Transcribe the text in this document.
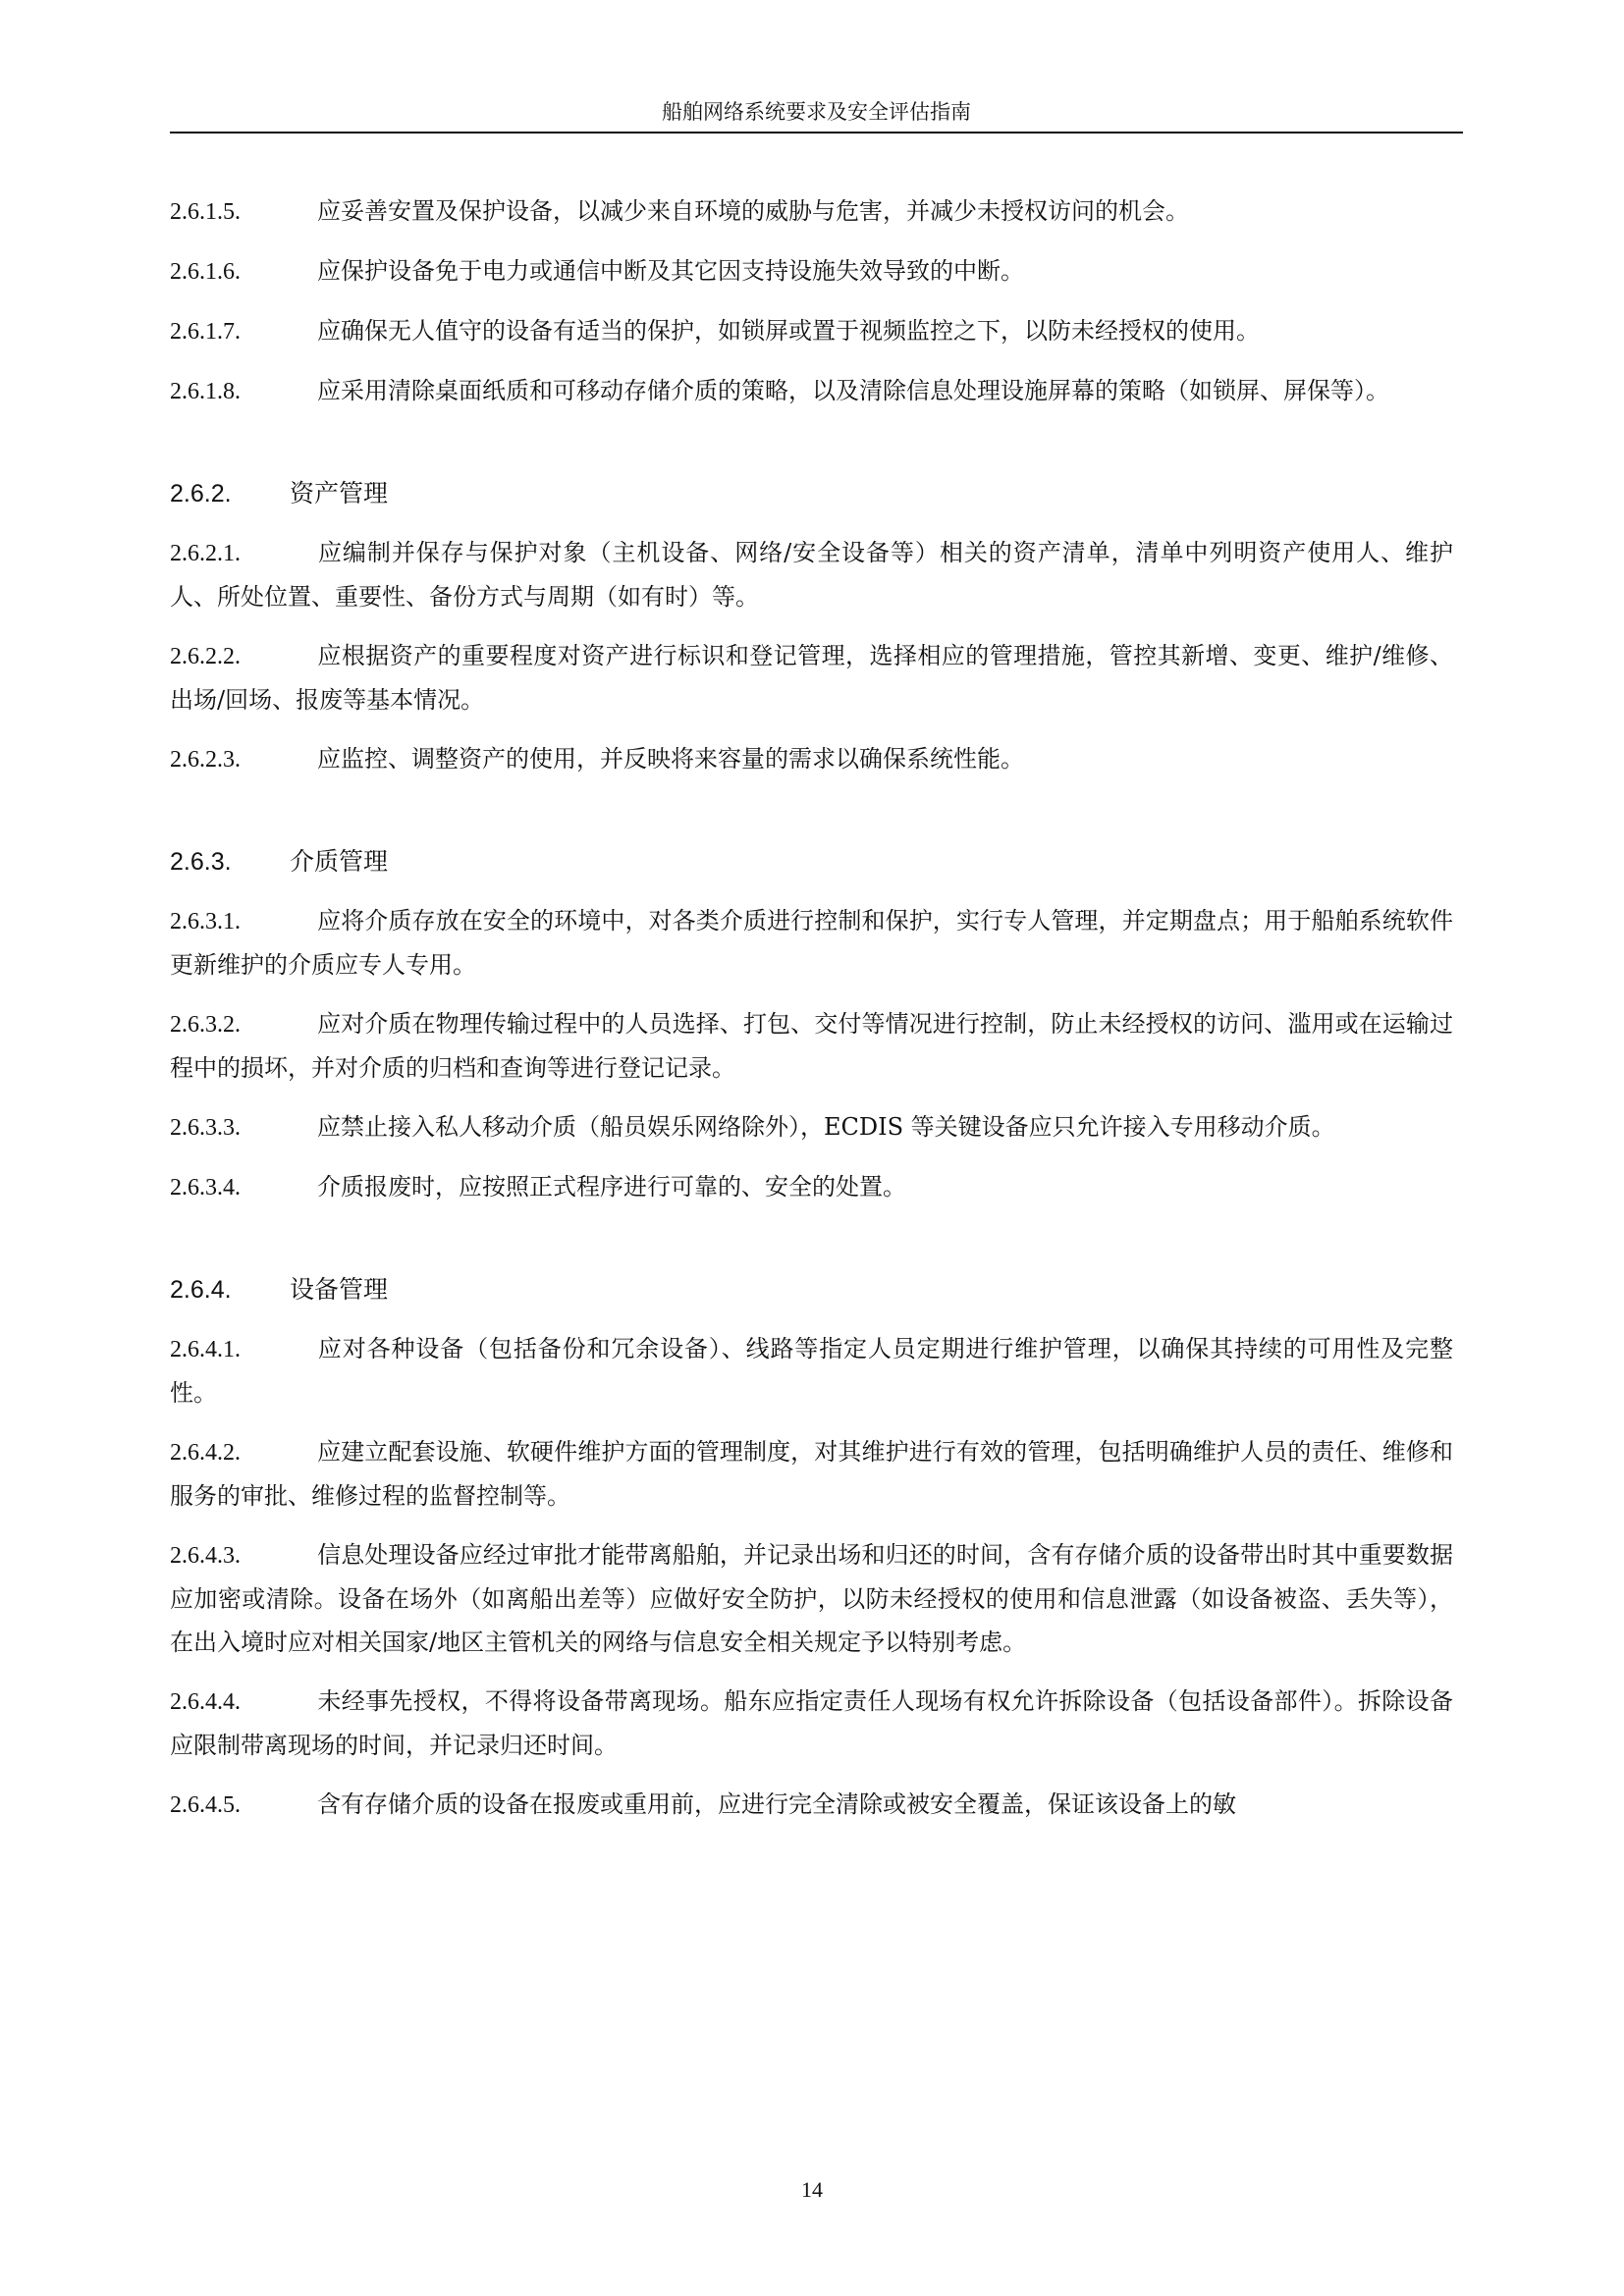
船舶网络系统要求及安全评估指南

2.6.1.5.	应妥善安置及保护设备，以减少来自环境的威胁与危害，并减少未授权访问的机会。

2.6.1.6.	应保护设备免于电力或通信中断及其它因支持设施失效导致的中断。

2.6.1.7.	应确保无人值守的设备有适当的保护，如锁屏或置于视频监控之下，以防未经授权的使用。

2.6.1.8.	应采用清除桌面纸质和可移动存储介质的策略，以及清除信息处理设施屏幕的策略（如锁屏、屏保等）。

2.6.2. 资产管理

2.6.2.1.	应编制并保存与保护对象（主机设备、网络/安全设备等）相关的资产清单，清单中列明资产使用人、维护人、所处位置、重要性、备份方式与周期（如有时）等。

2.6.2.2.	应根据资产的重要程度对资产进行标识和登记管理，选择相应的管理措施，管控其新增、变更、维护/维修、出场/回场、报废等基本情况。

2.6.2.3.	应监控、调整资产的使用，并反映将来容量的需求以确保系统性能。

2.6.3. 介质管理

2.6.3.1.	应将介质存放在安全的环境中，对各类介质进行控制和保护，实行专人管理，并定期盘点；用于船舶系统软件更新维护的介质应专人专用。

2.6.3.2.	应对介质在物理传输过程中的人员选择、打包、交付等情况进行控制，防止未经授权的访问、滥用或在运输过程中的损坏，并对介质的归档和查询等进行登记记录。

2.6.3.3.	应禁止接入私人移动介质（船员娱乐网络除外），ECDIS 等关键设备应只允许接入专用移动介质。

2.6.3.4.	介质报废时，应按照正式程序进行可靠的、安全的处置。

2.6.4. 设备管理

2.6.4.1.	应对各种设备（包括备份和冗余设备）、线路等指定人员定期进行维护管理，以确保其持续的可用性及完整性。

2.6.4.2.	应建立配套设施、软硬件维护方面的管理制度，对其维护进行有效的管理，包括明确维护人员的责任、维修和服务的审批、维修过程的监督控制等。

2.6.4.3.	信息处理设备应经过审批才能带离船舶，并记录出场和归还的时间，含有存储介质的设备带出时其中重要数据应加密或清除。设备在场外（如离船出差等）应做好安全防护，以防未经授权的使用和信息泄露（如设备被盗、丢失等），在出入境时应对相关国家/地区主管机关的网络与信息安全相关规定予以特别考虑。

2.6.4.4.	未经事先授权，不得将设备带离现场。船东应指定责任人现场有权允许拆除设备（包括设备部件）。拆除设备应限制带离现场的时间，并记录归还时间。

2.6.4.5.	含有存储介质的设备在报废或重用前，应进行完全清除或被安全覆盖，保证该设备上的敏

14
